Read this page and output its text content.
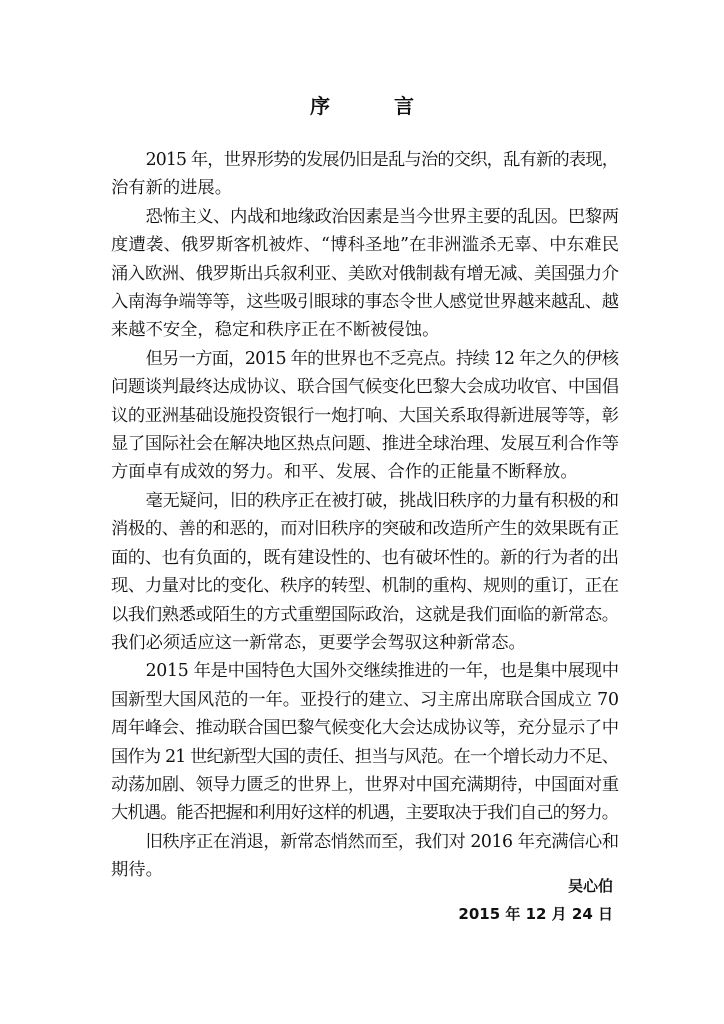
序　言

2015 年，世界形势的发展仍旧是乱与治的交织，乱有新的表现，
治有新的进展。

恐怖主义、内战和地缘政治因素是当今世界主要的乱因。巴黎两
度遭袭、俄罗斯客机被炸、“博科圣地”在非洲滥杀无辜、中东难民
涌入欧洲、俄罗斯出兵叙利亚、美欧对俄制裁有增无减、美国强力介
入南海争端等等，这些吸引眼球的事态令世人感觉世界越来越乱、越
来越不安全，稳定和秩序正在不断被侵蚀。

但另一方面，2015 年的世界也不乏亮点。持续 12 年之久的伊核
问题谈判最终达成协议、联合国气候变化巴黎大会成功收官、中国倡
议的亚洲基础设施投资银行一炮打响、大国关系取得新进展等等，彰
显了国际社会在解决地区热点问题、推进全球治理、发展互利合作等
方面卓有成效的努力。和平、发展、合作的正能量不断释放。

毫无疑问，旧的秩序正在被打破，挑战旧秩序的力量有积极的和
消极的、善的和恶的，而对旧秩序的突破和改造所产生的效果既有正
面的、也有负面的，既有建设性的、也有破坏性的。新的行为者的出
现、力量对比的变化、秩序的转型、机制的重构、规则的重订，正在
以我们熟悉或陌生的方式重塑国际政治，这就是我们面临的新常态。
我们必须适应这一新常态，更要学会驾驭这种新常态。

2015 年是中国特色大国外交继续推进的一年，也是集中展现中
国新型大国风范的一年。亚投行的建立、习主席出席联合国成立 70
周年峰会、推动联合国巴黎气候变化大会达成协议等，充分显示了中
国作为 21 世纪新型大国的责任、担当与风范。在一个增长动力不足、
动荡加剧、领导力匮乏的世界上，世界对中国充满期待，中国面对重
大机遇。能否把握和利用好这样的机遇，主要取决于我们自己的努力。

旧秩序正在消退，新常态悄然而至，我们对 2016 年充满信心和
期待。

吴心伯
2015 年 12 月 24 日
